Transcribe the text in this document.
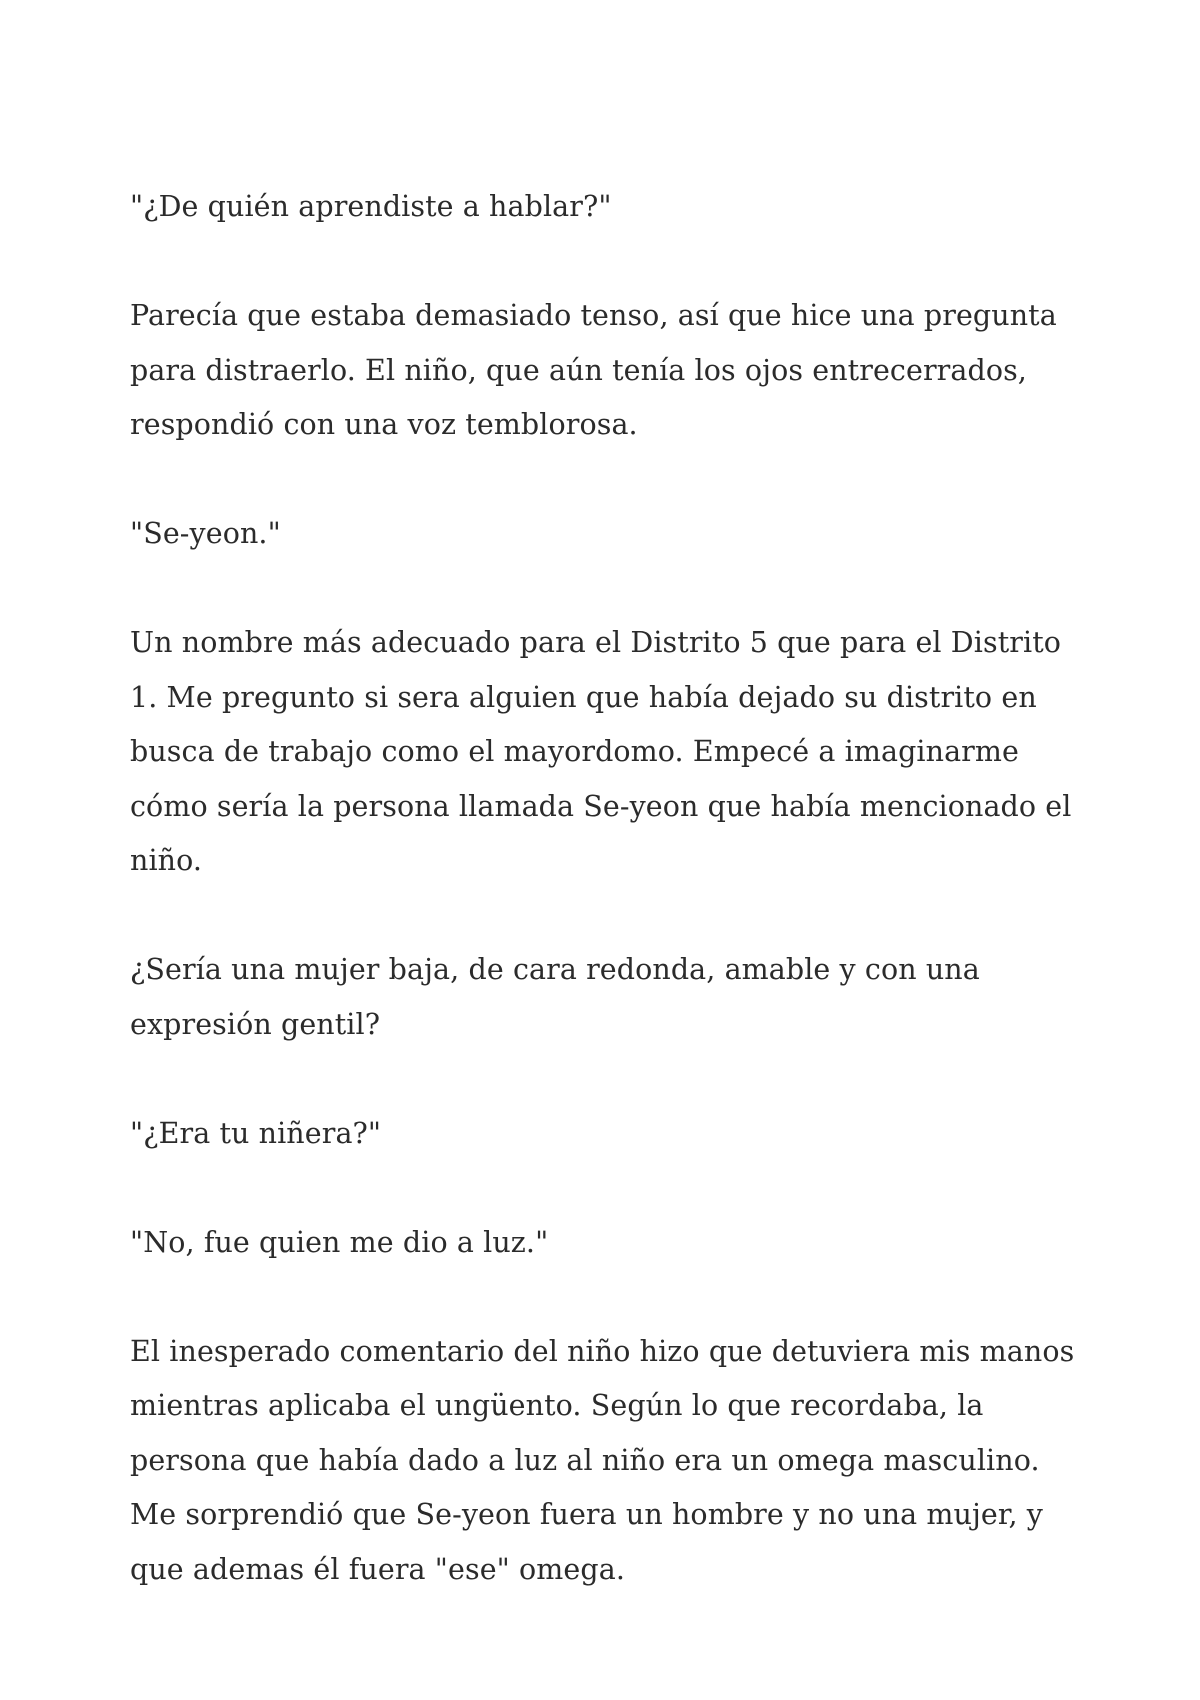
"¿De quién aprendiste a hablar?"

Parecía que estaba demasiado tenso, así que hice una pregunta para distraerlo. El niño, que aún tenía los ojos entrecerrados, respondió con una voz temblorosa.

"Se-yeon."

Un nombre más adecuado para el Distrito 5 que para el Distrito 1. Me pregunto si sera alguien que había dejado su distrito en busca de trabajo como el mayordomo. Empecé a imaginarme cómo sería la persona llamada Se-yeon que había mencionado el niño.

¿Sería una mujer baja, de cara redonda, amable y con una expresión gentil?

"¿Era tu niñera?"

"No, fue quien me dio a luz."

El inesperado comentario del niño hizo que detuviera mis manos mientras aplicaba el ungüento. Según lo que recordaba, la persona que había dado a luz al niño era un omega masculino. Me sorprendió que Se-yeon fuera un hombre y no una mujer, y que ademas él fuera "ese" omega.
